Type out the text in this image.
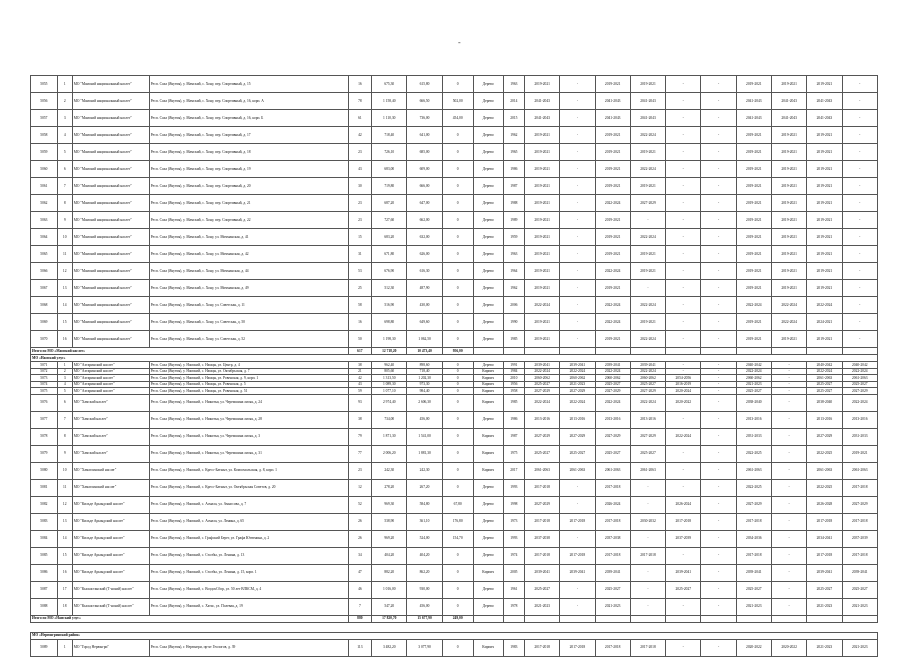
-
5055	1	МО "Мамский национальный наслег"	Респ. Саха (Якутия), у. Мамский, с. Хону, пер. Спортивный, д. 15	16	675,30	615,80	0	Дерево	1963	2019-2021	-	2019-2021	2019-2021	-	-	2019-2021	2019-2021	2019-2021	-
5056	2	МО "Мамский национальный наслег"	Респ. Саха (Якутия), у. Мамский, с. Хону, пер. Спортивный, д. 16, корп. А	78	1 158,40	666,50	502,00	Дерево	2014	2041-2043	-	2041-2043	2041-2043	-	-	2041-2043	2041-2043	2041-2043	-
5057	3	МО "Мамский национальный наслег"	Респ. Саха (Якутия), у. Мамский, с. Хону, пер. Спортивный, д. 16, корп. Б	61	1 110,30	736,00	454,00	Дерево	2015	2041-2043	-	2041-2043	2041-2043	-	-	2041-2043	2041-2043	2041-2043	-
5058	4	МО "Мамский национальный наслег"	Респ. Саха (Якутия), у. Мамский, с. Хону, пер. Спортивный, д. 17	42	718,40	641,00	0	Дерево	1962	2019-2021	-	2019-2021	2022-2024	-	-	2019-2021	2019-2021	2019-2021	-
5059	5	МО "Мамский национальный наслег"	Респ. Саха (Якутия), у. Мамский, с. Хону, пер. Спортивный, д. 18	23	726,10	685,00	0	Дерево	1965	2019-2021	-	2019-2021	2019-2021	-	-	2019-2021	2019-2021	2019-2021	-
5060	6	МО "Мамский национальный наслег"	Респ. Саха (Якутия), у. Мамский, с. Хону, пер. Спортивный, д. 19	43	683,00	609,00	0	Дерево	1986	2019-2021	-	2019-2021	2022-2024	-	-	2019-2021	2019-2021	2019-2021	-
5061	7	МО "Мамский национальный наслег"	Респ. Саха (Якутия), у. Мамский, с. Хону, пер. Спортивный, д. 20	30	719,80	666,00	0	Дерево	1987	2019-2021	-	2019-2021	2019-2021	-	-	2019-2021	2019-2021	2019-2021	-
5062	8	МО "Мамский национальный наслег"	Респ. Саха (Якутия), у. Мамский, с. Хону, пер. Спортивный, д. 21	23	687,20	647,00	0	Дерево	1988	2019-2021	-	2022-2024	2027-2029	-	-	2019-2021	2019-2021	2019-2021	-
5063	9	МО "Мамский национальный наслег"	Респ. Саха (Якутия), у. Мамский, с. Хону, пер. Спортивный, д. 22	23	727,60	662,00	0	Дерево	1989	2019-2021	-	2019-2021	-	-	-	2019-2021	2019-2021	2019-2021	-
5064	10	МО "Мамский национальный наслег"	Респ. Саха (Якутия), у. Мамский, с. Хону, ул. Мичманская, д. 41	15	683,20	632,00	0	Дерево	1959	2019-2021	-	2019-2021	2022-2024	-	-	2019-2021	2019-2021	2019-2021	-
5065	11	МО "Мамский национальный наслег"	Респ. Саха (Якутия), у. Мамский, с. Хону, ул. Мичманская, д. 42	31	671,80	626,00	0	Дерево	1963	2019-2021	-	2019-2021	2019-2021	-	-	2019-2021	2019-2021	2019-2021	-
5066	12	МО "Мамский национальный наслег"	Респ. Саха (Якутия), у. Мамский, с. Хону, ул. Мичманская, д. 44	53	676,90	616,30	0	Дерево	1964	2019-2021	-	2022-2024	2019-2021	-	-	2019-2021	2019-2021	2019-2021	-
5067	13	МО "Мамский национальный наслег"	Респ. Саха (Якутия), у. Мамский, с. Хону, ул. Мичманская, д. 49	25	512,30	487,90	0	Дерево	1962	2019-2021	-	2019-2021	-	-	-	2019-2021	2019-2021	2019-2021	-
5068	14	МО "Мамский национальный наслег"	Респ. Саха (Якутия), у. Мамский, с. Хону, ул. Советская, д. 11	58	516,90	430,00	0	Дерево	2006	2022-2024	-	2022-2024	2022-2024	-	-	2022-2024	2022-2024	2022-2024	-
5069	15	МО "Мамский национальный наслег"	Респ. Саха (Якутия), у. Мамский, с. Хону, ул. Советская, д. 50	16	698,80	649,60	0	Дерево	1990	2019-2021	-	2022-2024	2019-2021	-	-	2019-2021	2022-2024	2024-2021	-
5070	16	МО "Мамский национальный наслег"	Респ. Саха (Якутия), у. Мамский, с. Хону, ул. Советская, д. 52	50	1 198,30	1 062,50	0	Дерево	1985	2019-2021	-	2019-2021	2022-2024	-	-	2019-2021	2019-2021	2019-2021	-
Итого по МО «Мамский наслег»				617	12 718,20	10 473,40	956,00												
МО «Намский улус»																			
5071	1	МО "Ахтаринский наслег"	Респ. Саха (Якутия), у. Намский, с. Намцы, ул. Центр, д. 4	38	962,40	898,60	0	Дерево	1991	2039-2041	2039-2041	2039-2041	2039-2041	-	-	2040-2042	-	2040-2042	2040-2042
5072	2	МО "Ахтаринский наслег"	Респ. Саха (Якутия), у. Намский, с. Намцы, ул. Октябрьская, д. 7	21	805,60	718,40	0	Кирпич	1984	2022-2024	2022-2024	2022-2024	2022-2024	-	-	2022-2024	-	2022-2024	2022-2024
5073	3	МО "Ахтаринский наслег"	Респ. Саха (Якутия), у. Намский, с. Намцы, ул. Ровенская, д. 9, корп. 1	42	1 313,50	1 202,30	0	Кирпич	2010	2060-2062	2060-2062	2060-2062	2060-2062	2054-2056	-	2060-2062	-	2061-2063	2061-2063
5074	4	МО "Ахтаринский наслег"	Респ. Саха (Якутия), у. Намский, с. Намцы, ул. Ровенская, д. 5	43	1 089,30	973,30	0	Кирпич	1956	2025-2027	2021-2023	2025-2027	2025-2027	2016-2019	-	2021-2023	-	2025-2027	2025-2027
5075	5	МО "Ахтаринский наслег"	Респ. Саха (Якутия), у. Намский, с. Намцы, ул. Ровенская, д. 51	59	1 077,10	984,40	0	Кирпич	1958	2027-2029	2027-2029	2027-2029	2027-2029	2020-2024	-	2025-2027	-	2025-2027	2027-2029
5076	6	МО "Хамский наслег"	Респ. Саха (Якутия), у. Намский, с. Никитьи, ул. Черемшина лисяя, д. 24	93	2 974,40	2 606,30	0	Кирпич	1985	2022-2024	2022-2024	2022-2024	2022-2024	2020-2022	-	2038-2040	-	2038-2040	2022-2024
5077	7	МО "Хамский наслег"	Респ. Саха (Якутия), у. Намский, с. Никитьи, ул. Черемшина лисяя, д. 28	38	734,00	456,00	0	Дерево	1986	2013-2016	2013-2016	2013-2016	2013-2016	-	-	2013-2016	-	2013-2016	2013-2016
5078	8	МО "Хамский наслег"	Респ. Саха (Якутия), у. Намский, с. Никитьи, ул. Черемшина лисяя, д. 3	79	1 871,30	1 541,00	0	Кирпич	1987	2027-2029	2027-2029	2027-2029	2027-2029	2022-2024	-	2031-2033	-	2027-2029	2031-2033
5079	9	МО "Хамский наслег"	Респ. Саха (Якутия), у. Намский, с. Никитьи, ул. Черемшина лисяя, д. 31	77	2 006,20	1 881,30	0	Кирпич	1975	2025-2027	2025-2027	2025-2027	2025-2027	-	-	2022-2025	-	2022-2025	2019-2021
5080	10	МО "Хамаглинский наслег"	Респ. Саха (Якутия), у. Намский, с. Кресс-Батыыт, ул. Комсомольская, д. 8, корп. 1	23	242,30	242,30	0	Кирпич	2017	2061-2063	2061-2063	2061-2063	2061-2063	-	-	2061-2063	-	2061-2063	2061-2063
5081	11	МО "Хамаглинский наслег"	Респ. Саха (Якутия), у. Намский, с. Кресс-Батыыт, ул. Октябрьская Советов, д. 20	12	278,20	267,20	0	Дерево	1993	2017-2018	-	2017-2018	-	-	-	2022-2025	-	2022-2025	2017-2018
5082	12	МО "Кильде Арыыдский наслег"	Респ. Саха (Якутия), у. Намский, с. Асмала, ул. Амносова, д. 7	52	969,30	584,80	67,80	Дерево	1998	2027-2029	-	2026-2024	-	2026-2024	-	2027-2029	-	2026-2028	2027-2029
5083	13	МО "Кильде Арыыдский наслег"	Респ. Саха (Якутия), у. Намский, с. Асмала, ул. Ленина, д. 65	26	538,90	361,10	176,80	Дерево	1973	2017-2018	2017-2018	2017-2018	2030-2032	2017-2018	-	2017-2018	-	2017-2018	2017-2018
5084	14	МО "Кильде Арыыдский наслег"	Респ. Саха (Якутия), у. Намский, с. Графский Берег, ул. Графа Ютвенина, д. 2	26	969,20	524,00	154,70	Дерево	1993	2037-2038	-	2037-2038	-	2037-2039	-	2034-2036	-	2034-2041	2037-2039
5085	15	МО "Кильде Арыыдский наслег"	Респ. Саха (Якутия), у. Намский, с. Столбы, ул. Ленина, д. 13	34	404,20	404,20	0	Дерево	1974	2017-2018	2017-2018	2017-2018	2017-2018	-	-	2017-2018	-	2017-2018	2017-2018
5086	16	МО "Кильде Арыыдский наслег"	Респ. Саха (Якутия), у. Намский, с. Столбы, ул. Ленина, д. 15, корп. 1	47	882,20	862,20	0	Кирпич	2005	2039-2041	2039-2041	2039-2041	-	2039-2041	-	2039-2041	-	2039-2041	2039-2041
5087	17	МО "Кыскастанский (Т-нский) наслег"	Респ. Саха (Якутия), у. Намский, с. ВоздохСбор, ул. 50 лет ВЛКСМ, д. 4	46	1 016,00	930,00	0	Дерево	1961	2025-2027	-	2025-2027	-	2025-2027	-	2025-2027	-	2025-2027	2025-2027
5088	18	МО "Кыскастанский (Т-нский) наслег"	Респ. Саха (Якутия), у. Намский, с. Хатас, ул. Полевая, д. 19	7	547,20	456,00	0	Дерево	1978	2021-2023	-	2021-2023	-	-	-	2021-2023	-	2021-2023	2021-2023
Итого по МО «Намский улус»				880	17 820,70	15 677,90	249,00												

МО «Нерюнгринский район»																			
5089	1	МО "Город Нерюнгри"	Респ. Саха (Якутия), г. Нерюнгри, пр-кт Геологов, д. 39	113	3 482,20	3 077,90	0	Кирпич	1983	2017-2018	2017-2018	2017-2018	2017-2018	-	-	2020-2022	2020-2022	2021-2023	2021-2023
